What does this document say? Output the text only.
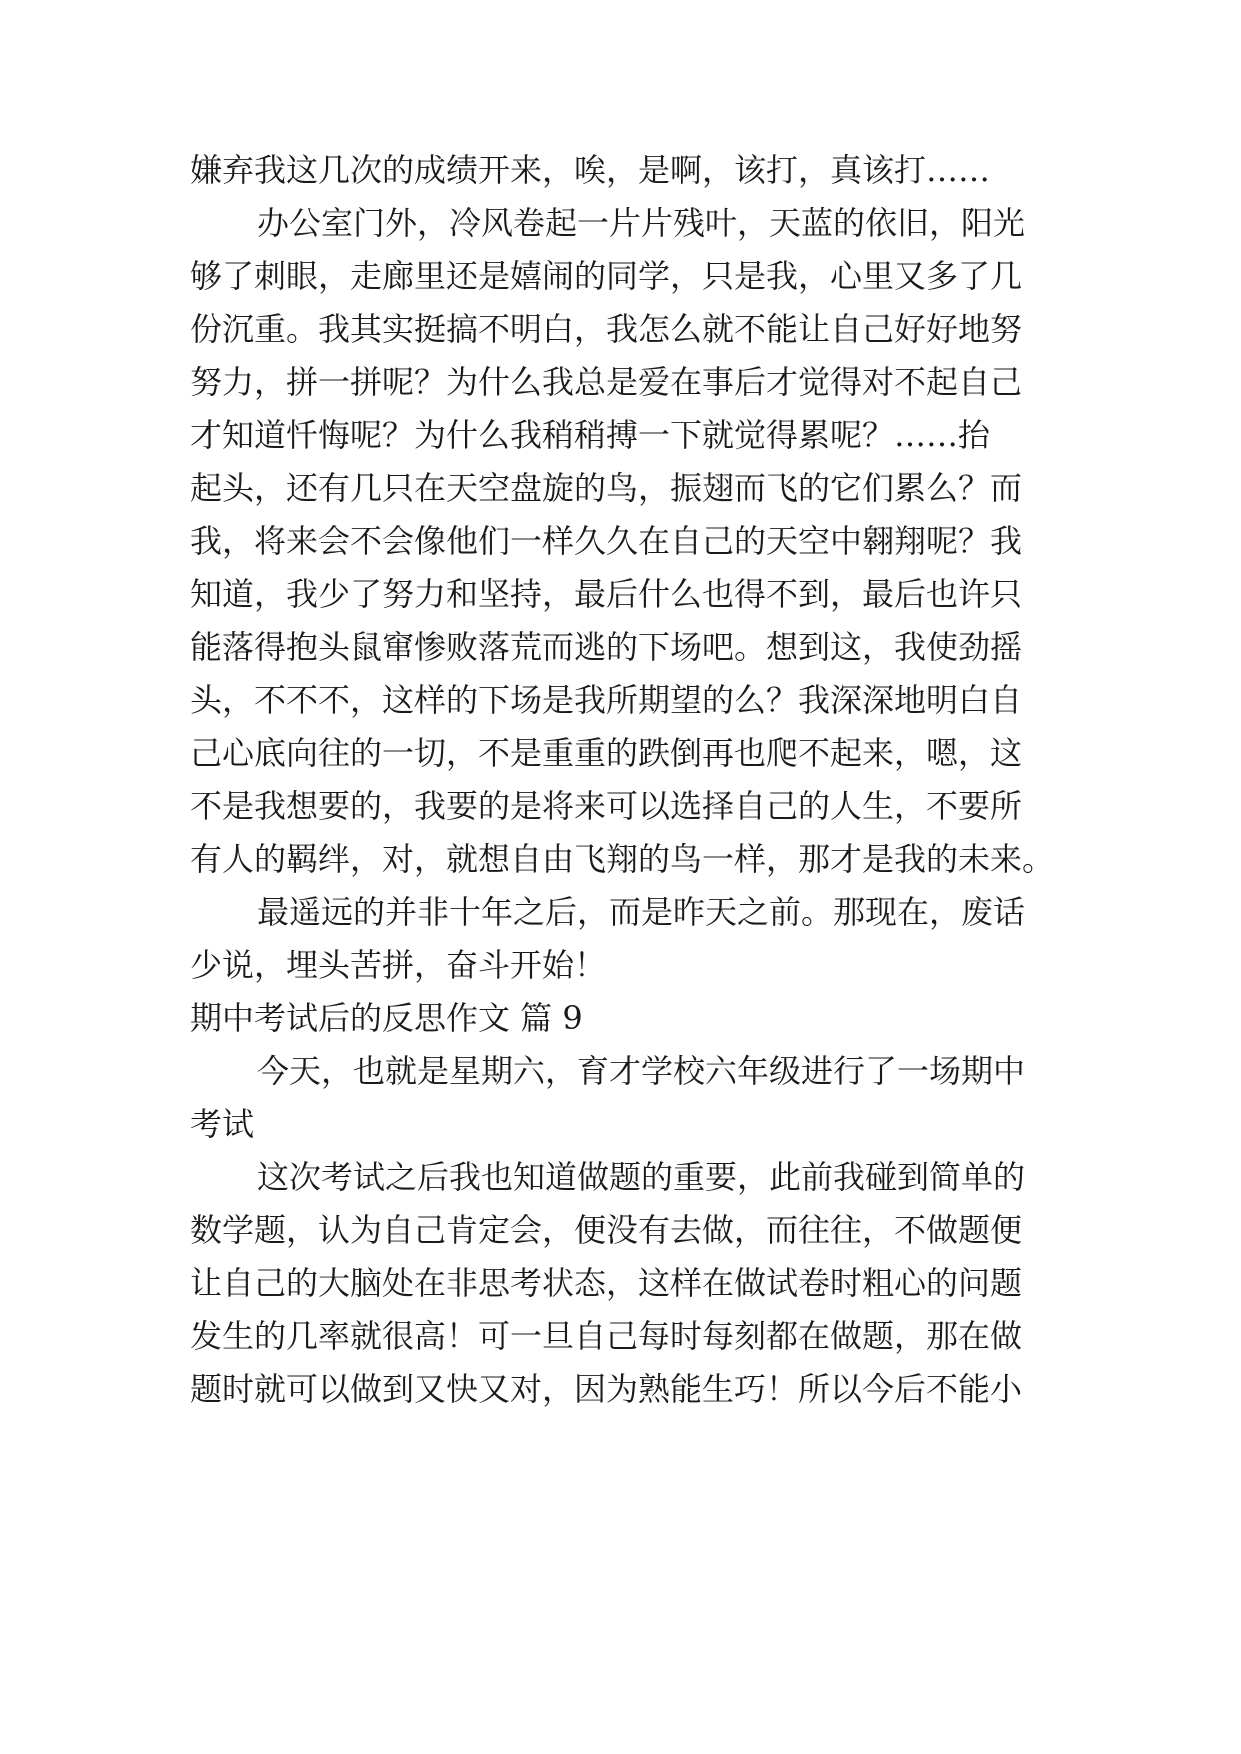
嫌弃我这几次的成绩开来，唉，是啊，该打，真该打……
办公室门外，冷风卷起一片片残叶，天蓝的依旧，阳光
够了刺眼，走廊里还是嬉闹的同学，只是我，心里又多了几
份沉重。我其实挺搞不明白，我怎么就不能让自己好好地努
努力，拼一拼呢？为什么我总是爱在事后才觉得对不起自己
才知道忏悔呢？为什么我稍稍搏一下就觉得累呢？……抬
起头，还有几只在天空盘旋的鸟，振翅而飞的它们累么？而
我，将来会不会像他们一样久久在自己的天空中翱翔呢？我
知道，我少了努力和坚持，最后什么也得不到，最后也许只
能落得抱头鼠窜惨败落荒而逃的下场吧。想到这，我使劲摇
头，不不不，这样的下场是我所期望的么？我深深地明白自
己心底向往的一切，不是重重的跌倒再也爬不起来，嗯，这
不是我想要的，我要的是将来可以选择自己的人生，不要所
有人的羁绊，对，就想自由飞翔的鸟一样，那才是我的未来。
最遥远的并非十年之后，而是昨天之前。那现在，废话
少说，埋头苦拼，奋斗开始！
期中考试后的反思作文 篇 9
今天，也就是星期六，育才学校六年级进行了一场期中
考试
这次考试之后我也知道做题的重要，此前我碰到简单的
数学题，认为自己肯定会，便没有去做，而往往，不做题便
让自己的大脑处在非思考状态，这样在做试卷时粗心的问题
发生的几率就很高！可一旦自己每时每刻都在做题，那在做
题时就可以做到又快又对，因为熟能生巧！所以今后不能小
